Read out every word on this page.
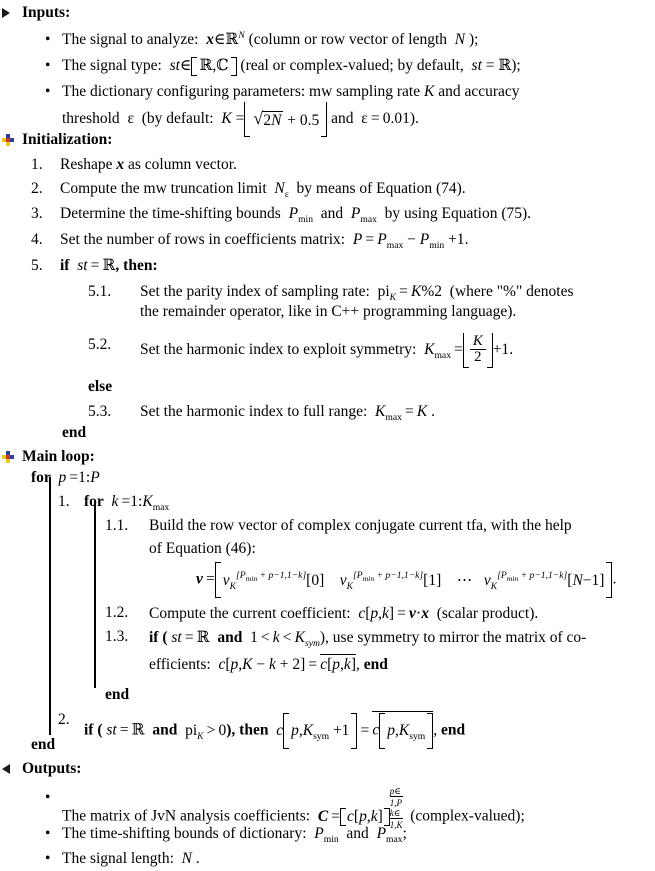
Inputs:
• The signal to analyze: x∈ℝ$^N$ (column or row vector of length  N );
• The signal type: st∈ ℝ,ℂ (real or complex-valued; by default, st = ℝ);
• The dictionary configuring parameters: mw sampling rate K and accuracy
threshold  ε  (by default: K = √ 2N + 0.5 and  ε = 0.01).
Initialization:
1.	Reshape x as column vector.
2.	Compute the mw truncation limit $N_\varepsilon$ by means of Equation (74).
3.	Determine the time-shifting bounds $P_{min}$ and $P_{max}$ by using Equation (75).
4.	Set the number of rows in coefficients matrix: $P = P_{max} - P_{min} +1$.
5.	if st = ℝ, then:
5.1.	Set the parity index of sampling rate:  $pi_K = K\%2$  (where "%" denotes
the remainder operator, like in C++ programming language).
5.2.	Set the harmonic index to exploit symmetry: $K_{max} = \frac{K}{2} +1$.
else
5.3.	Set the harmonic index to full range: $K_{max} = K$ .
end
Main loop:
for p =1:P
1. for $k =1:K_{max}$
1.1. Build the row vector of complex conjugate current tfa, with the help
of Equation (46):
$v = v_K[Pmin + p-1,1-k][0]$    $v_K[Pmin + p-1,1-k][1]$    ⋯   $v_K[Pmin + p-1,1-k][N-1]$.
1.2. Compute the current coefficient: c[p,k] = v⋅x (scalar product).
1.3. if ( st = ℝ  and  $1 < k < K_{sym}$), use symmetry to mirror the matrix of co-
efficients: c[p,K − k + 2] = c[p,k], end
end
2.
if ( st = ℝ  and  $pi_K > 0$), then c $p,K_{sym} +1 = c$ $p,K_{sym}$ , end
end
Outputs:
•
The matrix of JvN analysis coefficients: C = c[p,k]
p∈
1,P
k∈
1,K
(complex-valued);
• The time-shifting bounds of dictionary: $P_{min}$ and $P_{max}$;
• The signal length:  N .
